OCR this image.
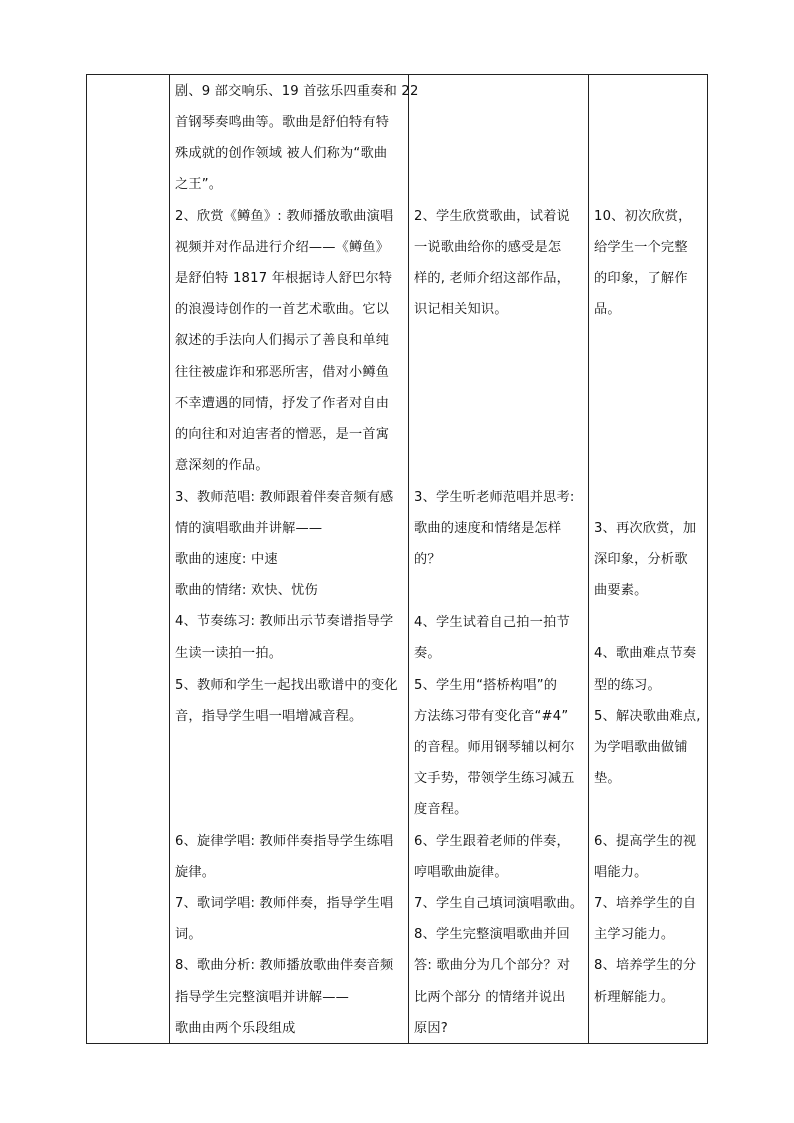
剧、9 部交响乐、19 首弦乐四重奏和 22
首钢琴奏鸣曲等。歌曲是舒伯特有特
殊成就的创作领域 被人们称为“歌曲
之王”。
2、欣赏《鳟鱼》: 教师播放歌曲演唱
视频并对作品进行介绍——《鳟鱼》
是舒伯特 1817 年根据诗人舒巴尔特
的浪漫诗创作的一首艺术歌曲。它以
叙述的手法向人们揭示了善良和单纯
往往被虚诈和邪恶所害，借对小鳟鱼
不幸遭遇的同情，抒发了作者对自由
的向往和对迫害者的憎恶，是一首寓
意深刻的作品。
3、教师范唱: 教师跟着伴奏音频有感
情的演唱歌曲并讲解——
歌曲的速度: 中速
歌曲的情绪: 欢快、忧伤
4、节奏练习: 教师出示节奏谱指导学
生读一读拍一拍。
5、教师和学生一起找出歌谱中的变化
音，指导学生唱一唱增减音程。
6、旋律学唱: 教师伴奏指导学生练唱
旋律。
7、歌词学唱: 教师伴奏，指导学生唱
词。
8、歌曲分析: 教师播放歌曲伴奏音频
指导学生完整演唱并讲解——
歌曲由两个乐段组成
2、学生欣赏歌曲，试着说
一说歌曲给你的感受是怎
样的, 老师介绍这部作品，
识记相关知识。
3、学生听老师范唱并思考:
歌曲的速度和情绪是怎样
的？
4、学生试着自己拍一拍节
奏。
5、学生用“搭桥构唱”的
方法练习带有变化音“#4”
的音程。师用钢琴辅以柯尔
文手势，带领学生练习减五
度音程。
6、学生跟着老师的伴奏，
哼唱歌曲旋律。
7、学生自己填词演唱歌曲。
8、学生完整演唱歌曲并回
答: 歌曲分为几个部分？对
比两个部分 的情绪并说出
原因?
10、初次欣赏，
给学生一个完整
的印象，了解作
品。
3、再次欣赏，加
深印象，分析歌
曲要素。
4、歌曲难点节奏
型的练习。
5、解决歌曲难点,
为学唱歌曲做铺
垫。
6、提高学生的视
唱能力。
7、培养学生的自
主学习能力。
8、培养学生的分
析理解能力。
